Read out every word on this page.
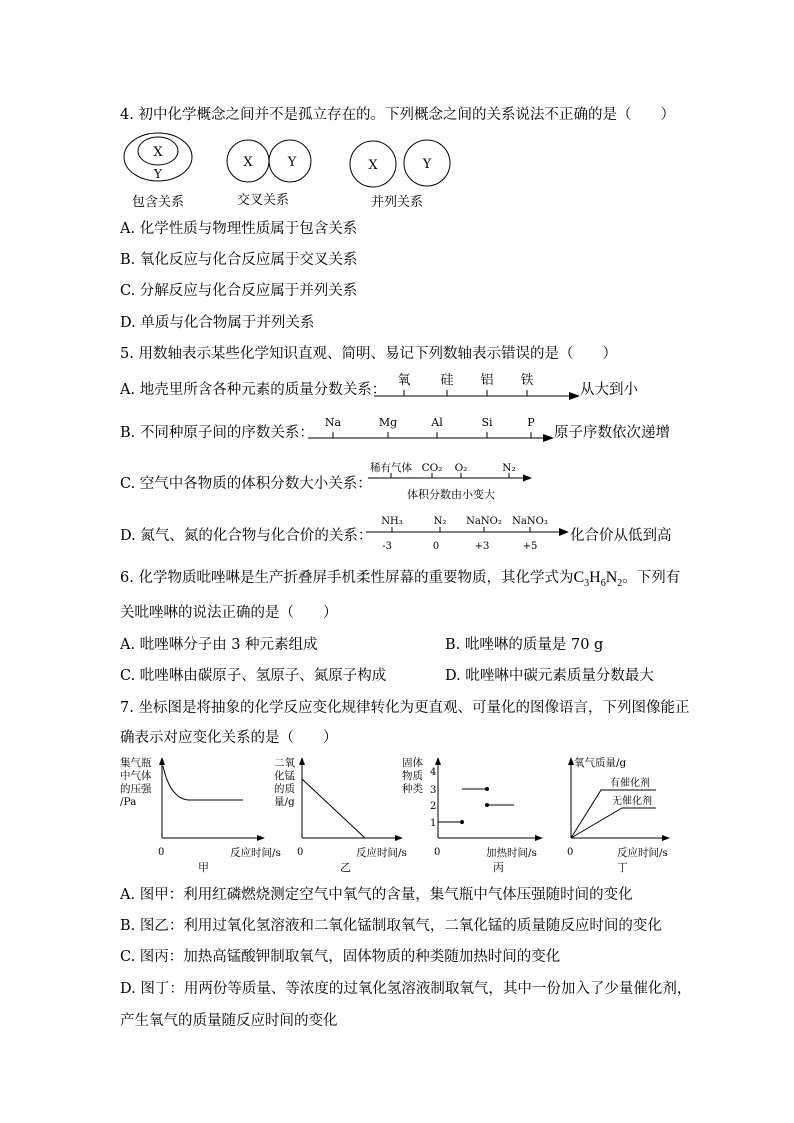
4. 初中化学概念之间并不是孤立存在的。下列概念之间的关系说法不正确的是（　　）
X
Y
包含关系
X	Y
交叉关系
X	Y
并列关系
A. 化学性质与物理性质属于包含关系
B. 氧化反应与化合反应属于交叉关系
C. 分解反应与化合反应属于并列关系
D. 单质与化合物属于并列关系
5. 用数轴表示某些化学知识直观、简明、易记下列数轴表示错误的是（　　）
A. 地壳里所含各种元素的质量分数关系：
氧 硅 铝 铁
从大到小
B. 不同种原子间的序数关系：
Na	Mg	Al	Si	P
原子序数依次递增
C. 空气中各物质的体积分数大小关系：
稀有气体 CO₂ O₂	N₂
体积分数由小变大
D. 氮气、氮的化合物与化合价的关系：
NH₃	N₂ NaNO₂ NaNO₃
-3	0	+3	+5
化合价从低到高
6. 化学物质吡唑啉是生产折叠屏手机柔性屏幕的重要物质，其化学式为$C_3H_6N_2$。下列有
关吡唑啉的说法正确的是（　　）
A. 吡唑啉分子由 3 种元素组成	B. 吡唑啉的质量是 70 g
C. 吡唑啉由碳原子、氢原子、氮原子构成	D. 吡唑啉中碳元素质量分数最大
7. 坐标图是将抽象的化学反应变化规律转化为更直观、可量化的图像语言，下列图像能正
确表示对应变化关系的是（　　）
集气瓶
中气体
的压强
/Pa
0	反应时间/s
甲
二氧
化锰
的质
量/g
0	反应时间/s
乙
固体
物质
种类
4
3
2
1
0	加热时间/s
丙
氧气质量/g
有催化剂
无催化剂
0	反应时间/s
丁
A. 图甲：利用红磷燃烧测定空气中氧气的含量，集气瓶中气体压强随时间的变化
B. 图乙：利用过氧化氢溶液和二氧化锰制取氧气，二氧化锰的质量随反应时间的变化
C. 图丙：加热高锰酸钾制取氧气，固体物质的种类随加热时间的变化
D. 图丁：用两份等质量、等浓度的过氧化氢溶液制取氧气，其中一份加入了少量催化剂，
产生氧气的质量随反应时间的变化
